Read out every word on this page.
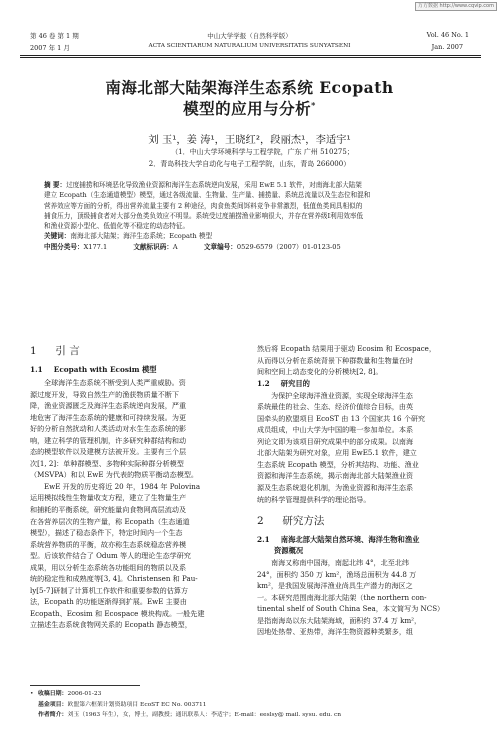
万方数据 http://www.cqvip.com
第 46 卷 第 1 期
2007 年 1 月
中山大学学报（自然科学版）
ACTA SCIENTIARUM NATURALIUM UNIVERSITATIS SUNYATSENI
Vol. 46 No. 1
Jan. 2007
南海北部大陆架海洋生态系统 Ecopath
模型的应用与分析*
刘 玉¹，姜 涛¹，王晓红²，段丽杰¹，李适宇¹
（1．中山大学环境科学与工程学院，广东 广州 510275；
2．青岛科技大学自动化与电子工程学院，山东，青岛 266000）
摘 要：过度捕捞和环境恶化导致渔业资源和海洋生态系统逆向发展，采用 EwE 5.1 软件，对南海北部大陆架
建立 Ecopath（生态通道模型）模型，通过各级流量、生物量、生产量、捕捞量、系统总流量以及生态位和混和
营养效应等方面的分析，得出营养流量主要有 2 种途径，肉食鱼类间饵料竞争非常激烈，低值鱼类间具相似的
捕食压力，顶级捕食者对大部分鱼类负效应不明显。系统受过度捕捞渔业影响很大，并存在营养级Ⅰ利用效率低
和渔业资源小型化、低值化等不稳定的动态特征。
关键词：南海北部大陆架；海洋生态系统；Ecopath 模型
中图分类号：X177.1	文献标识码：A	文章编号：0529-6579（2007）01-0123-05
1 引 言
1.1 Ecopath with Ecosim 模型
全球海洋生态系统不断受到人类严重威胁。资
源过度开发，导致自然生产的渔获物质量不断下
降，渔业资源匮乏及海洋生态系统逆向发展，严重
地危害了海洋生态系统的健康和可持续发展。为更
好的分析自然扰动和人类活动对水生生态系统的影
响，建立科学的管理机制，许多研究种群结构和动
态的模型软件以及建模方法被开发。主要有三个层
次[1, 2]：单种群模型、多物种实际种群分析模型
（MSVPA）和以 EwE 为代表的物质平衡动态模型。
EwE 开发的历史将近 20 年，1984 年 Polovina
运用模拟线性生物量收支方程，建立了生物量生产
和捕耗的平衡系统，研究能量向食物网高层流动及
在各营养层次的生物产量，称 Ecopath（生态通道
模型），描述了稳态条件下，特定时间内一个生态
系统营养物质的平衡，故亦称生态系统稳态营养模
型。后该软件结合了 Odum 等人的理论生态学研究
成果，用以分析生态系统各功能组间的物质以及系
统的稳定性和成熟度等[3, 4]。Christensen 和 Pau-
ly[5-7]研制了计算机工作软件和重要参数的估算方
法，Ecopath 的功能逐渐得到扩展。EwE 主要由
Ecopath、Ecosim 和 Ecospace 模块构成。一般先建
立描述生态系统食物网关系的 Ecopath 静态模型，
然后将 Ecopath 结果用于驱动 Ecosim 和 Ecospace，
从而得以分析在系统背景下种群数量和生物量在时
间和空间上动态变化的分析模块[2, 8]。
1.2 研究目的
为保护全球海洋渔业资源，实现全球海洋生态
系统最佳的社会、生态、经济价值综合目标，由英
国牵头的欧盟项目 EcoST 由 13 个国家共 16 个研究
成员组成，中山大学为中国的唯一参加单位。本系
列论文即为该项目研究成果中的部分成果。以南海
北部大陆架为研究对象，应用 EwE5.1 软件，建立
生态系统 Ecopath 模型，分析其结构、功能、渔业
资源和海洋生态系统，揭示南海北部大陆架渔业资
源及生态系统退化机制，为渔业资源和海洋生态系
统的科学管理提供科学的理论指导。
2 研究方法
2.1 南海北部大陆架自然环境、海洋生物和渔业
资源概况
南海又称南中国海，南起北纬 4°，北至北纬
24°，面积约 350 万 km²，渔场总面积为 44.8 万
km²，是我国发展海洋渔业尚具生产潜力的海区之
一。本研究范围南海北部大陆架（the northern con-
tinental shelf of South China Sea，本文简写为 NCS）
是指南海岛以东大陆架海域，面积约 37.4 万 km²，
因地处热带、亚热带，海洋生物资源种类繁多，组
• 收稿日期：2006-01-23
基金项目：欧盟第六框架计划资助项目 EcoST EC No. 003711
作者简介：刘玉（1963 年生），女，博士，副教授；通讯联系人：李适宇；E-mail：eeslsy@ mail. sysu. edu. cn
